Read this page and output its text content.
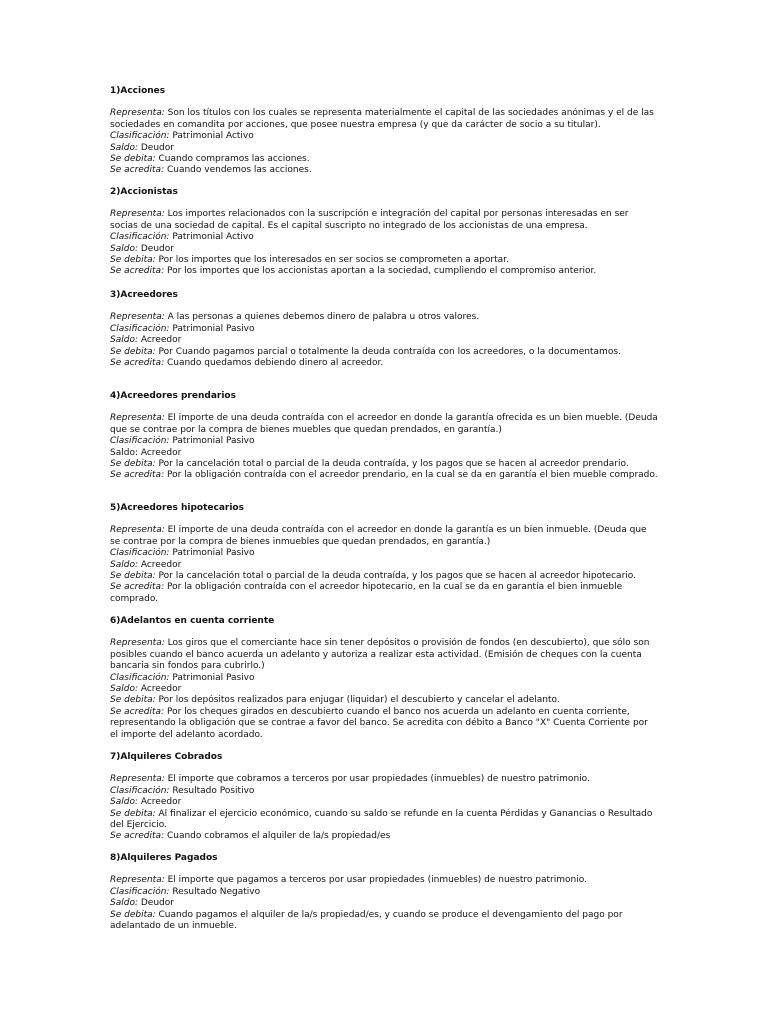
1)Acciones

Representa: Son los títulos con los cuales se representa materialmente el capital de las sociedades anónimas y el de las sociedades en comandita por acciones, que posee nuestra empresa (y que da carácter de socio a su titular).

Clasificación: Patrimonial Activo

Saldo: Deudor

Se debita: Cuando compramos las acciones.

Se acredita: Cuando vendemos las acciones.

2)Accionistas

Representa: Los importes relacionados con la suscripción e integración del capital por personas interesadas en ser socias de una sociedad de capital. Es el capital suscripto no integrado de los accionistas de una empresa.

Clasificación: Patrimonial Activo

Saldo: Deudor

Se debita: Por los importes que los interesados en ser socios se comprometen a aportar.

Se acredita: Por los importes que los accionistas aportan a la sociedad, cumpliendo el compromiso anterior.

3)Acreedores

Representa: A las personas a quienes debemos dinero de palabra u otros valores.

Clasificación: Patrimonial Pasivo

Saldo: Acreedor

Se debita: Por Cuando pagamos parcial o totalmente la deuda contraída con los acreedores, o la documentamos.

Se acredita: Cuando quedamos debiendo dinero al acreedor.

4)Acreedores prendarios

Representa: El importe de una deuda contraída con el acreedor en donde la garantía ofrecida es un bien mueble. (Deuda que se contrae por la compra de bienes muebles que quedan prendados, en garantía.)

Clasificación: Patrimonial Pasivo

Saldo: Acreedor

Se debita: Por la cancelación total o parcial de la deuda contraída, y los pagos que se hacen al acreedor prendario.

Se acredita: Por la obligación contraída con el acreedor prendario, en la cual se da en garantía el bien mueble comprado.

5)Acreedores hipotecarios

Representa: El importe de una deuda contraída con el acreedor en donde la garantía es un bien inmueble. (Deuda que se contrae por la compra de bienes inmuebles que quedan prendados, en garantía.)

Clasificación: Patrimonial Pasivo

Saldo: Acreedor

Se debita: Por la cancelación total o parcial de la deuda contraída, y los pagos que se hacen al acreedor hipotecario.

Se acredita: Por la obligación contraída con el acreedor hipotecario, en la cual se da en garantía el bien inmueble comprado.

6)Adelantos en cuenta corriente

Representa: Los giros que el comerciante hace sin tener depósitos o provisión de fondos (en descubierto), que sólo son posibles cuando el banco acuerda un adelanto y autoriza a realizar esta actividad. (Emisión de cheques con la cuenta bancaria sin fondos para cubrirlo.)

Clasificación: Patrimonial Pasivo

Saldo: Acreedor

Se debita: Por los depósitos realizados para enjugar (liquidar) el descubierto y cancelar el adelanto.

Se acredita: Por los cheques girados en descubierto cuando el banco nos acuerda un adelanto en cuenta corriente, representando la obligación que se contrae a favor del banco. Se acredita con débito a Banco "X" Cuenta Corriente por el importe del adelanto acordado.

7)Alquileres Cobrados

Representa: El importe que cobramos a terceros por usar propiedades (inmuebles) de nuestro patrimonio.

Clasificación: Resultado Positivo

Saldo: Acreedor

Se debita: Al finalizar el ejercicio económico, cuando su saldo se refunde en la cuenta Pérdidas y Ganancias o Resultado del Ejercicio.

Se acredita: Cuando cobramos el alquiler de la/s propiedad/es

8)Alquileres Pagados

Representa: El importe que pagamos a terceros por usar propiedades (inmuebles) de nuestro patrimonio.

Clasificación: Resultado Negativo

Saldo: Deudor

Se debita: Cuando pagamos el alquiler de la/s propiedad/es, y cuando se produce el devengamiento del pago por adelantado de un inmueble.
